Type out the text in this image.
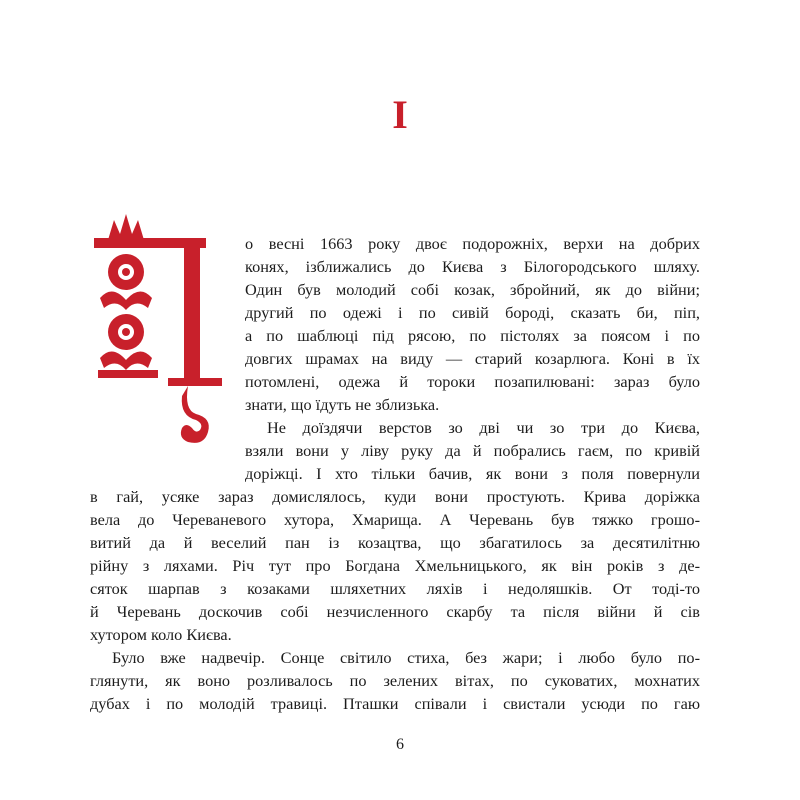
I
о весні 1663 року двоє подорожніх, верхи на добрих
конях, ізближались до Києва з Білогородського шляху.
Один був молодий собі козак, збройний, як до війни;
другий по одежі і по сивій бороді, сказать би, піп,
а по шаблюці під рясою, по пістолях за поясом і по
довгих шрамах на виду — старий козарлюга. Коні в їх
потомлені, одежа й тороки позапилювані: зараз було
знати, що їдуть не зблизька.
Не доїздячи верстов зо дві чи зо три до Києва,
взяли вони у ліву руку да й побрались гаєм, по кривій
доріжці. І хто тільки бачив, як вони з поля повернули
в гай, усяке зараз домислялось, куди вони простують. Крива доріжка
вела до Череваневого хутора, Хмарища. А Черевань був тяжко грошо-
витий да й веселий пан із козацтва, що збагатилось за десятилітню
рійну з ляхами. Річ тут про Богдана Хмельницького, як він років з де-
сяток шарпав з козаками шляхетних ляхів і недоляшків. От тоді-то
й Черевань доскочив собі незчисленного скарбу та після війни й сів
хутором коло Києва.
Було вже надвечір. Сонце світило стиха, без жари; і любо було по-
глянути, як воно розливалось по зелених вітах, по суковатих, мохнатих
дубах і по молодій травиці. Пташки співали і свистали усюди по гаю
6
